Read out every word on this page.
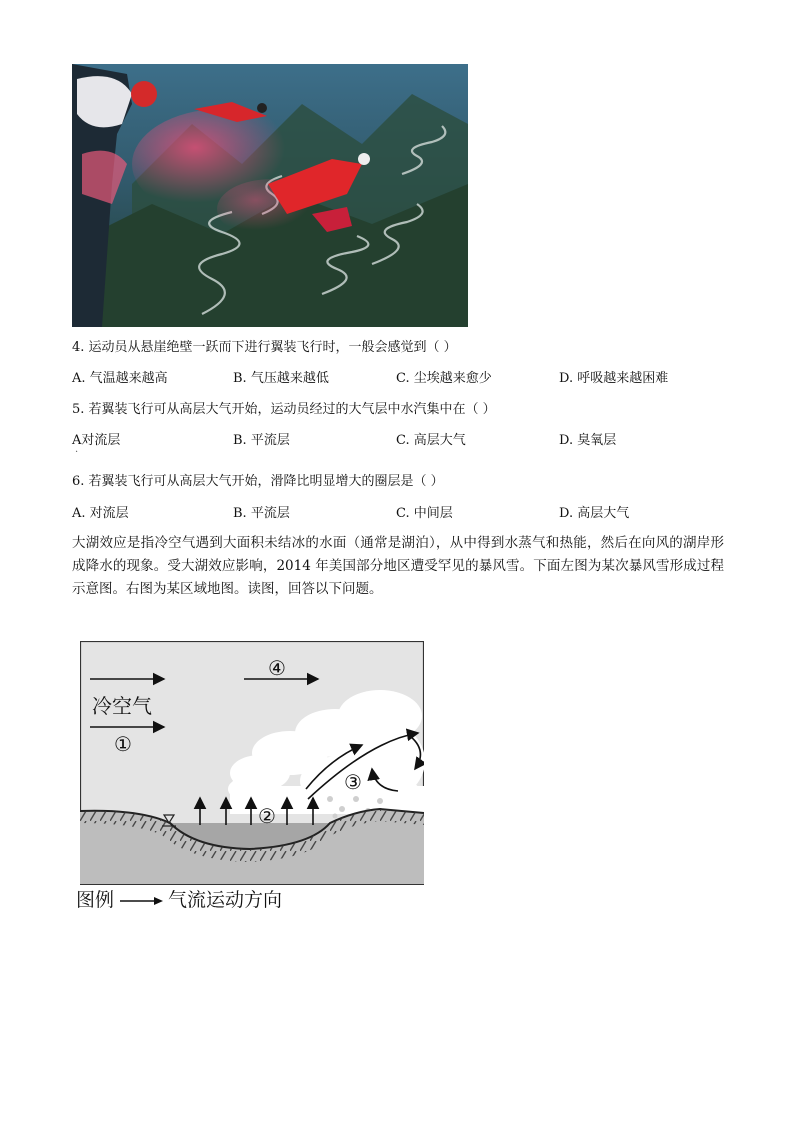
4. 运动员从悬崖绝壁一跃而下进行翼装飞行时，一般会感觉到（ ）
A. 气温越来越高	B. 气压越来越低	C. 尘埃越来愈少	D. 呼吸越来越困难
5. 若翼装飞行可从高层大气开始，运动员经过的大气层中水汽集中在（ ）
A对流层	B. 平流层	C. 高层大气	D. 臭氧层
·
6. 若翼装飞行可从高层大气开始，滑降比明显增大的圈层是（ ）
A. 对流层	B. 平流层	C. 中间层	D. 高层大气
大湖效应是指冷空气遇到大面积未结冰的水面（通常是湖泊），从中得到水蒸气和热能，然后在向风的湖岸形成降水的现象。受大湖效应影响，2014 年美国部分地区遭受罕见的暴风雪。下面左图为某次暴风雪形成过程示意图。右图为某区域地图。读图，回答以下问题。
冷空气
①
②
③
④
图例	气流运动方向
